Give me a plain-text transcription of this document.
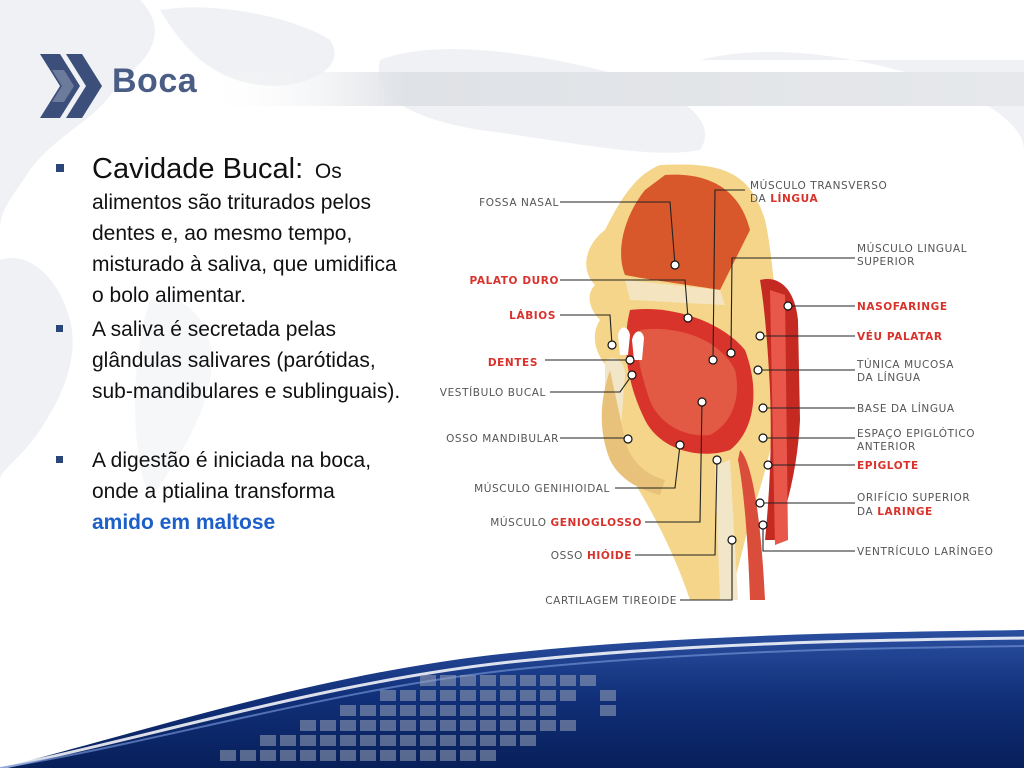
Boca

Cavidade Bucal: Os alimentos são triturados pelos dentes e, ao mesmo tempo, misturado à saliva, que umidifica o bolo alimentar.

A saliva é secretada pelas glândulas salivares (parótidas, sub-mandibulares e sublinguais).

A digestão é iniciada na boca, onde a ptialina transforma amido em maltose

FOSSA NASAL
PALATO DURO
LÁBIOS
DENTES
VESTÍBULO BUCAL
OSSO MANDIBULAR
MÚSCULO GENIHIOIDAL
MÚSCULO GENIOGLOSSO
OSSO HIÓIDE
CARTILAGEM TIREOIDE
MÚSCULO TRANSVERSO
DA LÍNGUA
MÚSCULO LINGUAL
SUPERIOR
NASOFARINGE
VÉU PALATAR
TÚNICA MUCOSA
DA LÍNGUA
BASE DA LÍNGUA
ESPAÇO EPIGLÓTICO
ANTERIOR
EPIGLOTE
ORIFÍCIO SUPERIOR
DA LARINGE
VENTRÍCULO LARÍNGEO
